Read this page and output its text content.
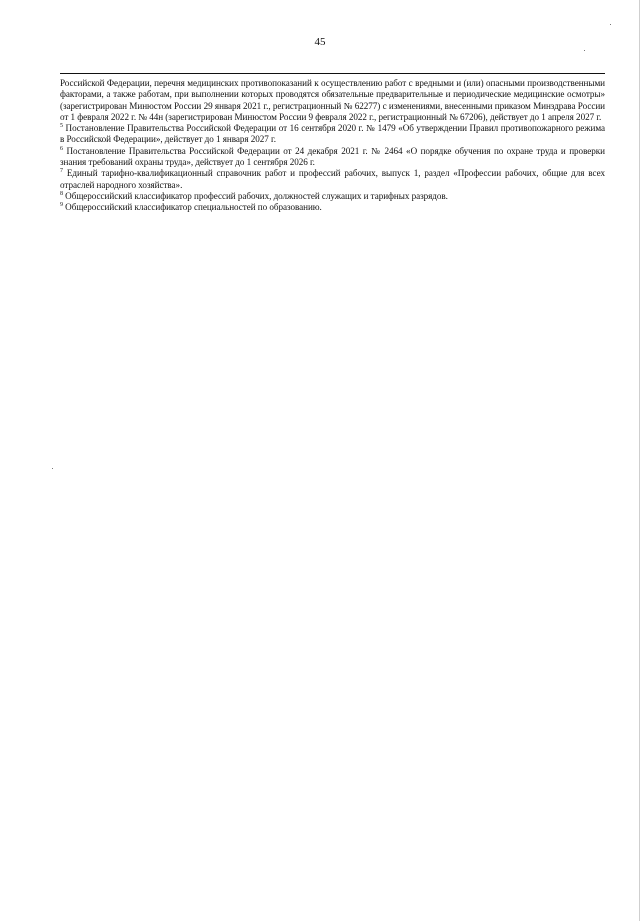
45

Российской Федерации, перечня медицинских противопоказаний к осуществлению работ с вредными и (или) опасными производственными факторами, а также работам, при выполнении которых проводятся обязательные предварительные и периодические медицинские осмотры» (зарегистрирован Минюстом России 29 января 2021 г., регистрационный № 62277) с изменениями, внесенными приказом Минздрава России от 1 февраля 2022 г. № 44н (зарегистрирован Минюстом России 9 февраля 2022 г., регистрационный № 67206), действует до 1 апреля 2027 г.

$^5$ Постановление Правительства Российской Федерации от 16 сентября 2020 г. № 1479 «Об утверждении Правил противопожарного режима в Российской Федерации», действует до 1 января 2027 г.

$^6$ Постановление Правительства Российской Федерации от 24 декабря 2021 г. № 2464 «О порядке обучения по охране труда и проверки знания требований охраны труда», действует до 1 сентября 2026 г.

$^7$ Единый тарифно-квалификационный справочник работ и профессий рабочих, выпуск 1, раздел «Профессии рабочих, общие для всех отраслей народного хозяйства».

$^8$ Общероссийский классификатор профессий рабочих, должностей служащих и тарифных разрядов.

$^9$ Общероссийский классификатор специальностей по образованию.
